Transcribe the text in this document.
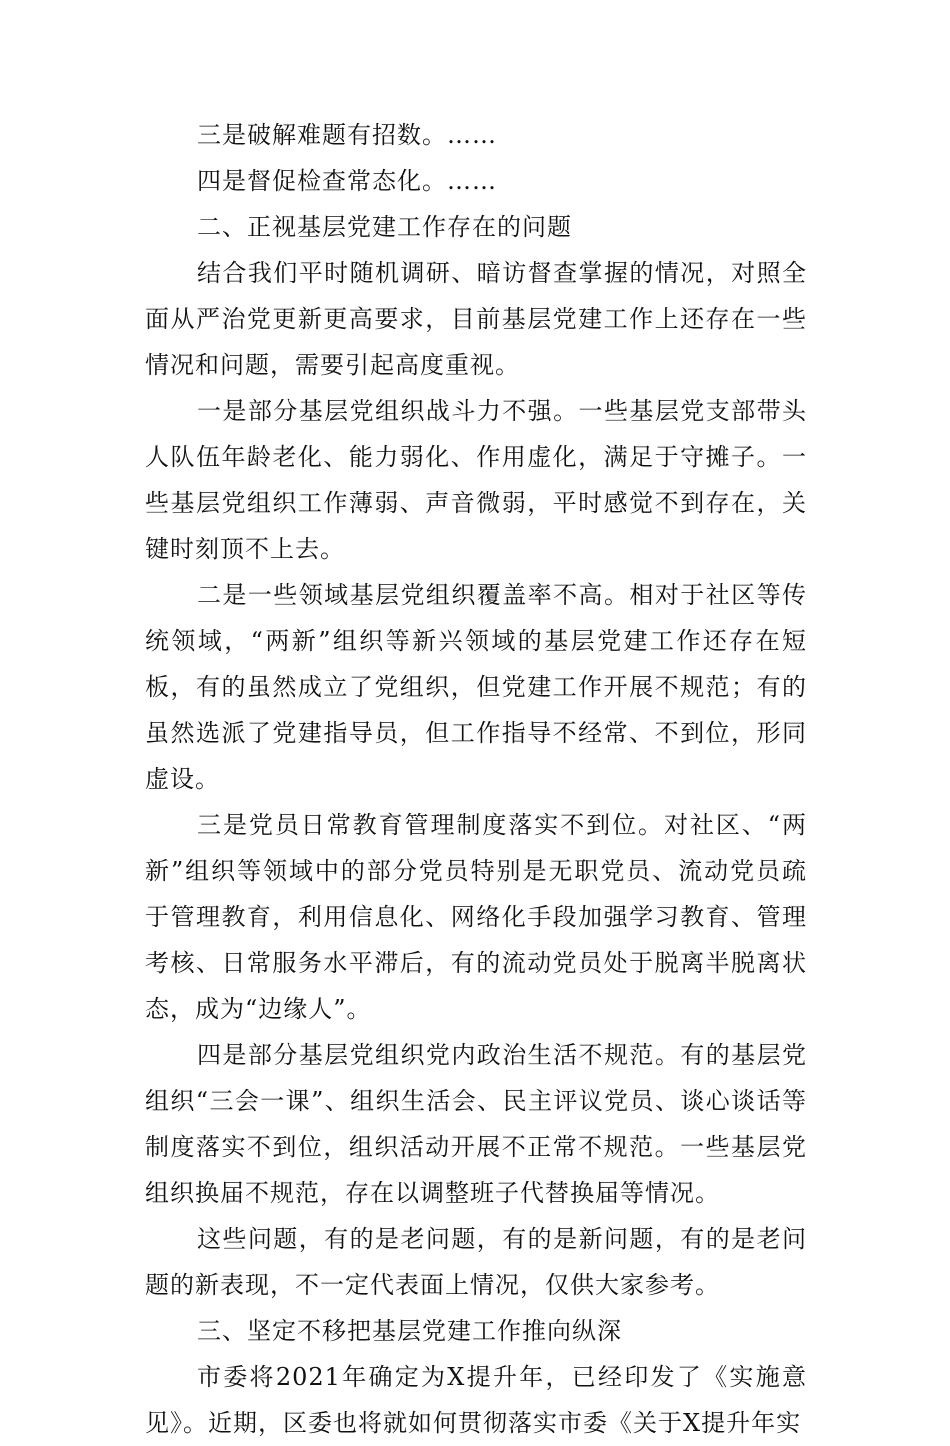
三是破解难题有招数。……

四是督促检查常态化。……

二、正视基层党建工作存在的问题

结合我们平时随机调研、暗访督查掌握的情况，对照全面从严治党更新更高要求，目前基层党建工作上还存在一些情况和问题，需要引起高度重视。

一是部分基层党组织战斗力不强。一些基层党支部带头人队伍年龄老化、能力弱化、作用虚化，满足于守摊子。一些基层党组织工作薄弱、声音微弱，平时感觉不到存在，关键时刻顶不上去。

二是一些领域基层党组织覆盖率不高。相对于社区等传统领域，“两新”组织等新兴领域的基层党建工作还存在短板，有的虽然成立了党组织，但党建工作开展不规范；有的虽然选派了党建指导员，但工作指导不经常、不到位，形同虚设。

三是党员日常教育管理制度落实不到位。对社区、“两新”组织等领域中的部分党员特别是无职党员、流动党员疏于管理教育，利用信息化、网络化手段加强学习教育、管理考核、日常服务水平滞后，有的流动党员处于脱离半脱离状态，成为“边缘人”。

四是部分基层党组织党内政治生活不规范。有的基层党组织“三会一课”、组织生活会、民主评议党员、谈心谈话等制度落实不到位，组织活动开展不正常不规范。一些基层党组织换届不规范，存在以调整班子代替换届等情况。

这些问题，有的是老问题，有的是新问题，有的是老问题的新表现，不一定代表面上情况，仅供大家参考。

三、坚定不移把基层党建工作推向纵深

市委将2021年确定为X提升年，已经印发了《实施意见》。近期，区委也将就如何贯彻落实市委《关于X提升年实
